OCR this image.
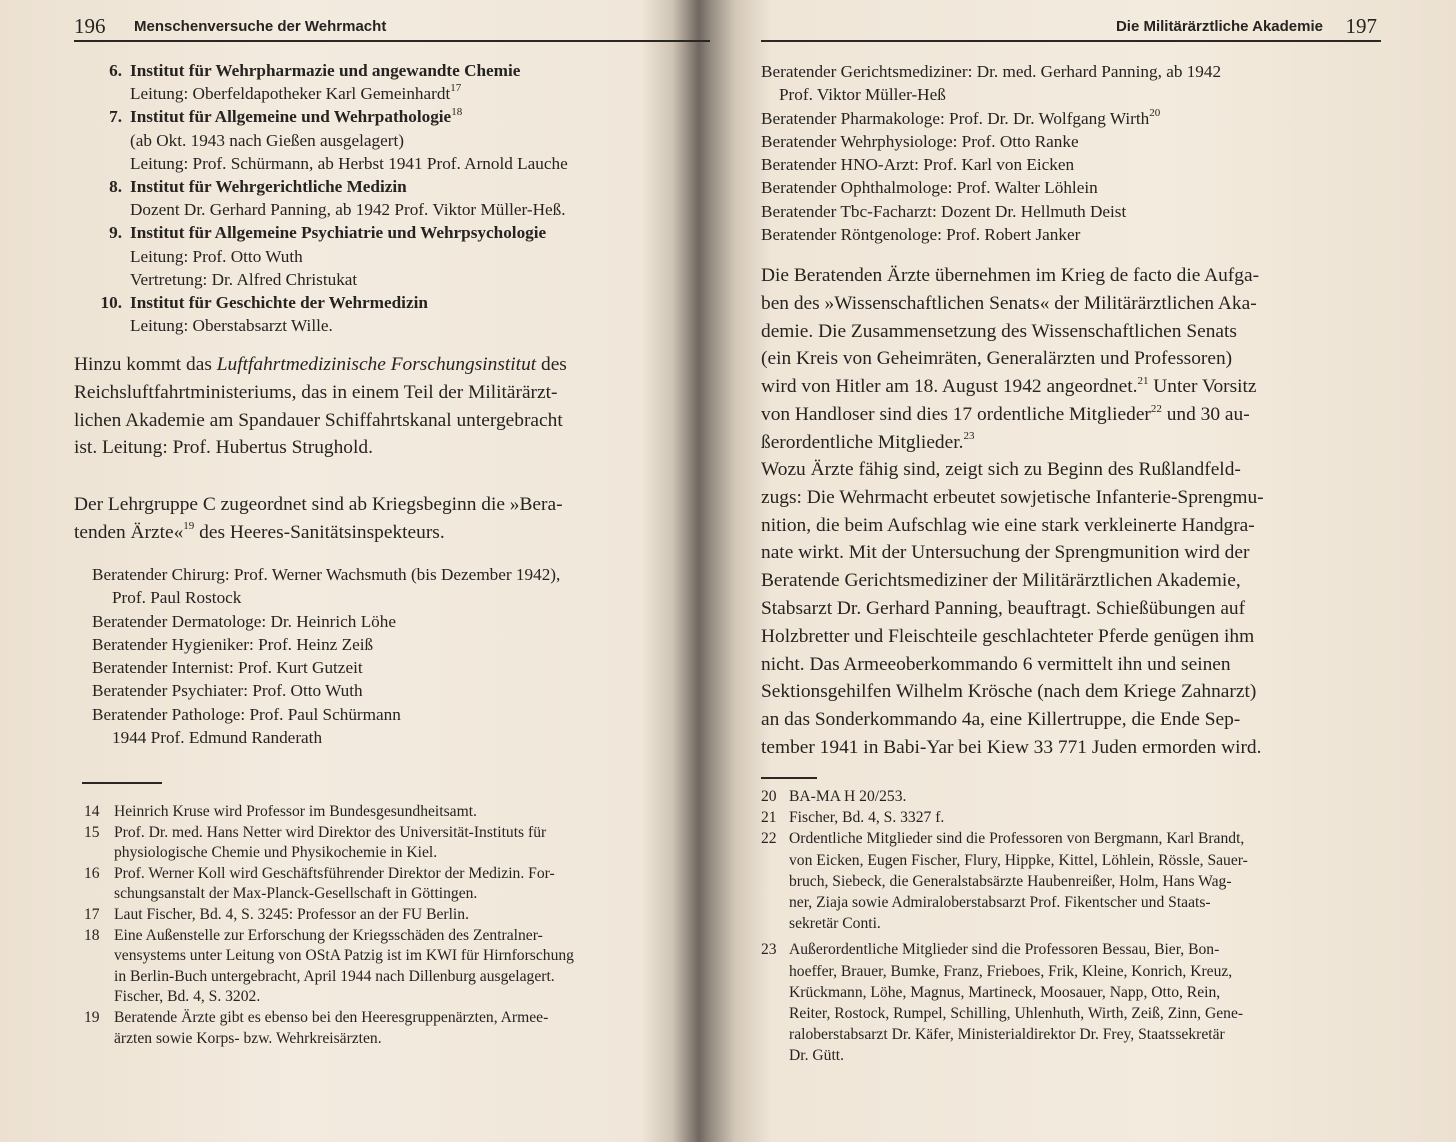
196 Menschenversuche der Wehrmacht
6. Institut für Wehrpharmazie und angewandte Chemie
Leitung: Oberfeldapotheker Karl Gemeinhardt$^{17}$
7. Institut für Allgemeine und Wehrpathologie$^{18}$
(ab Okt. 1943 nach Gießen ausgelagert)
Leitung: Prof. Schürmann, ab Herbst 1941 Prof. Arnold Lauche
8. Institut für Wehrgerichtliche Medizin
Dozent Dr. Gerhard Panning, ab 1942 Prof. Viktor Müller-Heß.
9. Institut für Allgemeine Psychiatrie und Wehrpsychologie
Leitung: Prof. Otto Wuth
Vertretung: Dr. Alfred Christukat
10. Institut für Geschichte der Wehrmedizin
Leitung: Oberstabsarzt Wille.
Hinzu kommt das Luftfahrtmedizinische Forschungsinstitut des
Reichsluftfahrtministeriums, das in einem Teil der Militärärzt-
lichen Akademie am Spandauer Schiffahrtskanal untergebracht
ist. Leitung: Prof. Hubertus Strughold.
Der Lehrgruppe C zugeordnet sind ab Kriegsbeginn die »Bera-
tenden Ärzte«$^{19}$ des Heeres-Sanitätsinspekteurs.
Beratender Chirurg: Prof. Werner Wachsmuth (bis Dezember 1942),
Prof. Paul Rostock
Beratender Dermatologe: Dr. Heinrich Löhe
Beratender Hygieniker: Prof. Heinz Zeiß
Beratender Internist: Prof. Kurt Gutzeit
Beratender Psychiater: Prof. Otto Wuth
Beratender Pathologe: Prof. Paul Schürmann
1944 Prof. Edmund Randerath
14 Heinrich Kruse wird Professor im Bundesgesundheitsamt.
15 Prof. Dr. med. Hans Netter wird Direktor des Universität-Instituts für
physiologische Chemie und Physikochemie in Kiel.
16 Prof. Werner Koll wird Geschäftsführender Direktor der Medizin. For-
schungsanstalt der Max-Planck-Gesellschaft in Göttingen.
17 Laut Fischer, Bd. 4, S. 3245: Professor an der FU Berlin.
18 Eine Außenstelle zur Erforschung der Kriegsschäden des Zentralner-
vensystems unter Leitung von OStA Patzig ist im KWI für Hirnforschung
in Berlin-Buch untergebracht, April 1944 nach Dillenburg ausgelagert.
Fischer, Bd. 4, S. 3202.
19 Beratende Ärzte gibt es ebenso bei den Heeresgruppenärzten, Armee-
ärzten sowie Korps- bzw. Wehrkreisärzten.
Die Militärärztliche Akademie 197
Beratender Gerichtsmediziner: Dr. med. Gerhard Panning, ab 1942
Prof. Viktor Müller-Heß
Beratender Pharmakologe: Prof. Dr. Dr. Wolfgang Wirth$^{20}$
Beratender Wehrphysiologe: Prof. Otto Ranke
Beratender HNO-Arzt: Prof. Karl von Eicken
Beratender Ophthalmologe: Prof. Walter Löhlein
Beratender Tbc-Facharzt: Dozent Dr. Hellmuth Deist
Beratender Röntgenologe: Prof. Robert Janker
Die Beratenden Ärzte übernehmen im Krieg de facto die Aufga-
ben des »Wissenschaftlichen Senats« der Militärärztlichen Aka-
demie. Die Zusammensetzung des Wissenschaftlichen Senats
(ein Kreis von Geheimräten, Generalärzten und Professoren)
wird von Hitler am 18. August 1942 angeordnet.$^{21}$ Unter Vorsitz
von Handloser sind dies 17 ordentliche Mitglieder$^{22}$ und 30 au-
ßerordentliche Mitglieder.$^{23}$
Wozu Ärzte fähig sind, zeigt sich zu Beginn des Rußlandfeld-
zugs: Die Wehrmacht erbeutet sowjetische Infanterie-Sprengmu-
nition, die beim Aufschlag wie eine stark verkleinerte Handgra-
nate wirkt. Mit der Untersuchung der Sprengmunition wird der
Beratende Gerichtsmediziner der Militärärztlichen Akademie,
Stabsarzt Dr. Gerhard Panning, beauftragt. Schießübungen auf
Holzbretter und Fleischteile geschlachteter Pferde genügen ihm
nicht. Das Armeeoberkommando 6 vermittelt ihn und seinen
Sektionsgehilfen Wilhelm Krösche (nach dem Kriege Zahnarzt)
an das Sonderkommando 4a, eine Killertruppe, die Ende Sep-
tember 1941 in Babi-Yar bei Kiew 33 771 Juden ermorden wird.
20 BA-MA H 20/253.
21 Fischer, Bd. 4, S. 3327 f.
22 Ordentliche Mitglieder sind die Professoren von Bergmann, Karl Brandt,
von Eicken, Eugen Fischer, Flury, Hippke, Kittel, Löhlein, Rössle, Sauer-
bruch, Siebeck, die Generalstabsärzte Haubenreißer, Holm, Hans Wag-
ner, Ziaja sowie Admiraloberstabsarzt Prof. Fikentscher und Staats-
sekretär Conti.
23 Außerordentliche Mitglieder sind die Professoren Bessau, Bier, Bon-
hoeffer, Brauer, Bumke, Franz, Frieboes, Frik, Kleine, Konrich, Kreuz,
Krückmann, Löhe, Magnus, Martineck, Moosauer, Napp, Otto, Rein,
Reiter, Rostock, Rumpel, Schilling, Uhlenhuth, Wirth, Zeiß, Zinn, Gene-
raloberstabsarzt Dr. Käfer, Ministerialdirektor Dr. Frey, Staatssekretär
Dr. Gütt.
